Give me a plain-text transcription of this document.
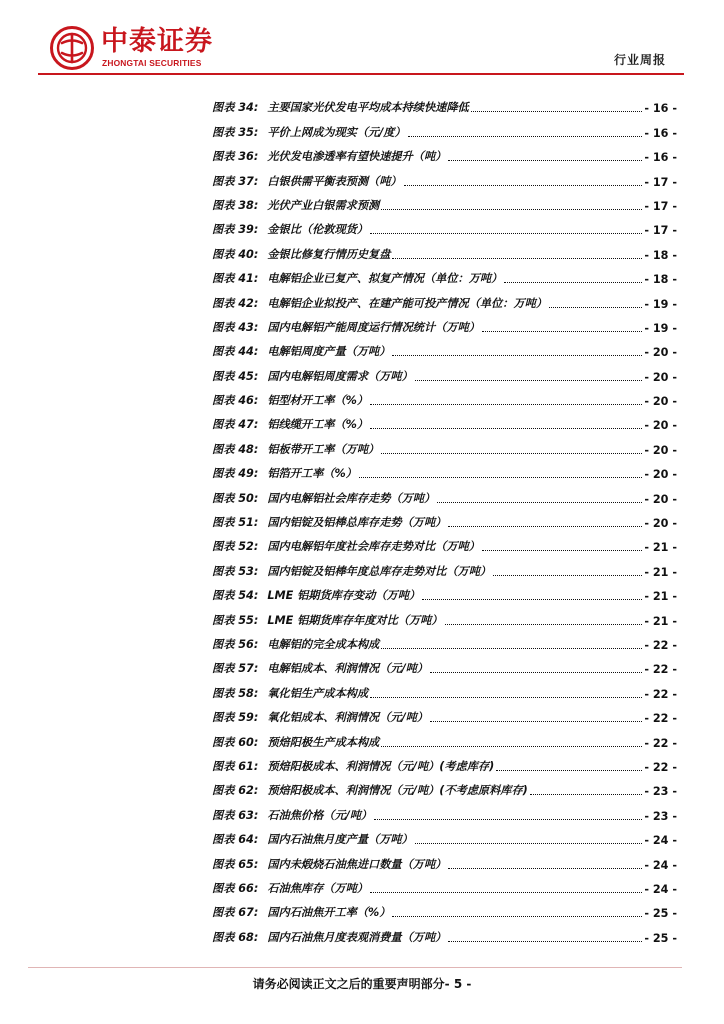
中泰证券
ZHONGTAI SECURITIES	行业周报
图表 34: 主要国家光伏发电平均成本持续快速降低	- 16 -
图表 35: 平价上网成为现实（元/度）	- 16 -
图表 36: 光伏发电渗透率有望快速提升（吨）	- 16 -
图表 37: 白银供需平衡表预测（吨）	- 17 -
图表 38: 光伏产业白银需求预测	- 17 -
图表 39: 金银比（伦敦现货）	- 17 -
图表 40: 金银比修复行情历史复盘	- 18 -
图表 41: 电解铝企业已复产、拟复产情况（单位：万吨）	- 18 -
图表 42: 电解铝企业拟投产、在建产能可投产情况（单位：万吨）	- 19 -
图表 43: 国内电解铝产能周度运行情况统计（万吨）	- 19 -
图表 44: 电解铝周度产量（万吨）	- 20 -
图表 45: 国内电解铝周度需求（万吨）	- 20 -
图表 46: 铝型材开工率（%）	- 20 -
图表 47: 铝线缆开工率（%）	- 20 -
图表 48: 铝板带开工率（万吨）	- 20 -
图表 49: 铝箔开工率（%）	- 20 -
图表 50: 国内电解铝社会库存走势（万吨）	- 20 -
图表 51: 国内铝锭及铝棒总库存走势（万吨）	- 20 -
图表 52: 国内电解铝年度社会库存走势对比（万吨）	- 21 -
图表 53: 国内铝锭及铝棒年度总库存走势对比（万吨）	- 21 -
图表 54: LME 铝期货库存变动（万吨）	- 21 -
图表 55: LME 铝期货库存年度对比（万吨）	- 21 -
图表 56: 电解铝的完全成本构成	- 22 -
图表 57: 电解铝成本、利润情况（元/吨）	- 22 -
图表 58: 氧化铝生产成本构成	- 22 -
图表 59: 氧化铝成本、利润情况（元/吨）	- 22 -
图表 60: 预焙阳极生产成本构成	- 22 -
图表 61: 预焙阳极成本、利润情况（元/吨）(考虑库存)	- 22 -
图表 62: 预焙阳极成本、利润情况（元/吨）(不考虑原料库存)	- 23 -
图表 63: 石油焦价格（元/吨）	- 23 -
图表 64: 国内石油焦月度产量（万吨）	- 24 -
图表 65: 国内未煅烧石油焦进口数量（万吨）	- 24 -
图表 66: 石油焦库存（万吨）	- 24 -
图表 67: 国内石油焦开工率（%）	- 25 -
图表 68: 国内石油焦月度表观消费量（万吨）	- 25 -
请务必阅读正文之后的重要声明部分- 5 -
